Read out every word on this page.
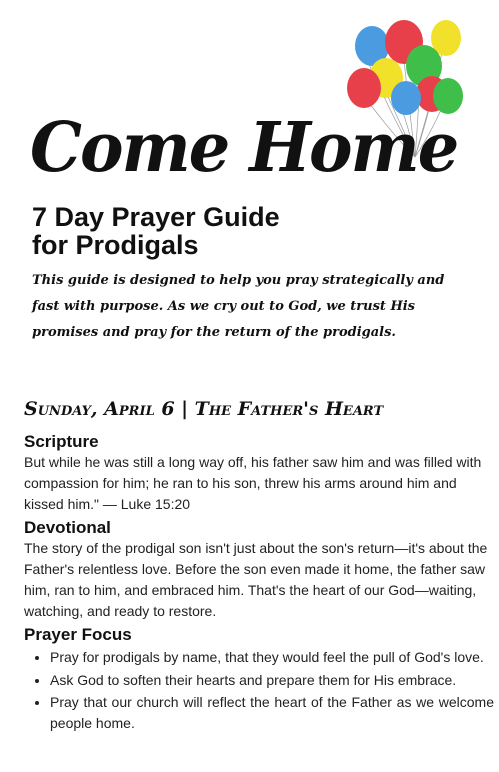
Come Home
7 Day Prayer Guide
for Prodigals

This guide is designed to help you pray strategically and fast with purpose. As we cry out to God, we trust His promises and pray for the return of the prodigals.

Sunday, April 6 | The Father's Heart
Scripture

But while he was still a long way off, his father saw him and was filled with compassion for him; he ran to his son, threw his arms around him and kissed him." — Luke 15:20

Devotional

The story of the prodigal son isn't just about the son's return—it's about the Father's relentless love. Before the son even made it home, the father saw him, ran to him, and embraced him. That's the heart of our God—waiting, watching, and ready to restore.

Prayer Focus
• Pray for prodigals by name, that they would feel the pull of God's love.
• Ask God to soften their hearts and prepare them for His embrace.
• Pray that our church will reflect the heart of the Father as we welcome people home.
